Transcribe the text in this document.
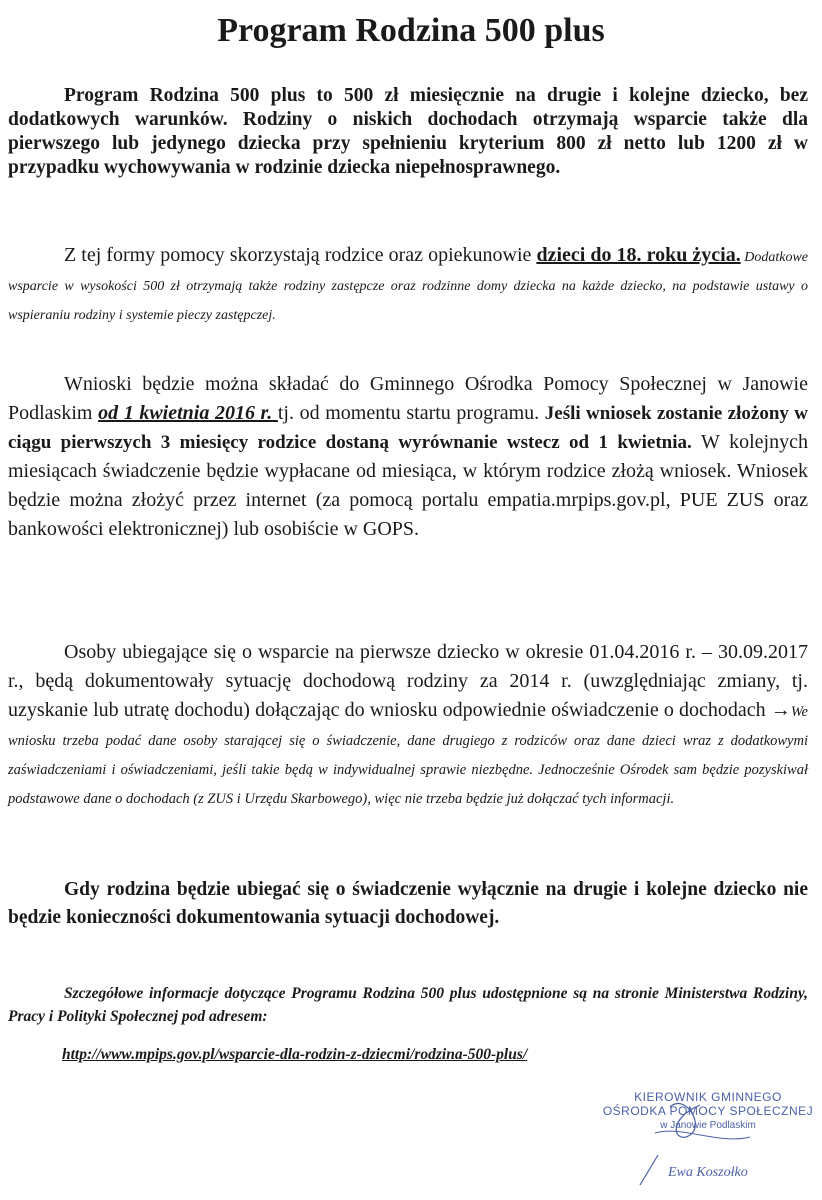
Program Rodzina 500 plus
Program Rodzina 500 plus to 500 zł miesięcznie na drugie i kolejne dziecko, bez dodatkowych warunków. Rodziny o niskich dochodach otrzymają wsparcie także dla pierwszego lub jedynego dziecka przy spełnieniu kryterium 800 zł netto lub 1200 zł w przypadku wychowywania w rodzinie dziecka niepełnosprawnego.
Z tej formy pomocy skorzystają rodzice oraz opiekunowie dzieci do 18. roku życia. Dodatkowe wsparcie w wysokości 500 zł otrzymają także rodziny zastępcze oraz rodzinne domy dziecka na każde dziecko, na podstawie ustawy o wspieraniu rodziny i systemie pieczy zastępczej.
Wnioski będzie można składać do Gminnego Ośrodka Pomocy Społecznej w Janowie Podlaskim od 1 kwietnia 2016 r. tj. od momentu startu programu. Jeśli wniosek zostanie złożony w ciągu pierwszych 3 miesięcy rodzice dostaną wyrównanie wstecz od 1 kwietnia. W kolejnych miesiącach świadczenie będzie wypłacane od miesiąca, w którym rodzice złożą wniosek. Wniosek będzie można złożyć przez internet (za pomocą portalu empatia.mrpips.gov.pl, PUE ZUS oraz bankowości elektronicznej) lub osobiście w GOPS.
Osoby ubiegające się o wsparcie na pierwsze dziecko w okresie 01.04.2016 r. – 30.09.2017 r., będą dokumentowały sytuację dochodową rodziny za 2014 r. (uwzględniając zmiany, tj. uzyskanie lub utratę dochodu) dołączając do wniosku odpowiednie oświadczenie o dochodach →We wniosku trzeba podać dane osoby starającej się o świadczenie, dane drugiego z rodziców oraz dane dzieci wraz z dodatkowymi zaświadczeniami i oświadczeniami, jeśli takie będą w indywidualnej sprawie niezbędne. Jednocześnie Ośrodek sam będzie pozyskiwał podstawowe dane o dochodach (z ZUS i Urzędu Skarbowego), więc nie trzeba będzie już dołączać tych informacji.
Gdy rodzina będzie ubiegać się o świadczenie wyłącznie na drugie i kolejne dziecko nie będzie konieczności dokumentowania sytuacji dochodowej.
Szczegółowe informacje dotyczące Programu Rodzina 500 plus udostępnione są na stronie Ministerstwa Rodziny, Pracy i Polityki Społecznej pod adresem:
http://www.mpips.gov.pl/wsparcie-dla-rodzin-z-dziecmi/rodzina-500-plus/
KIEROWNIK GMINNEGO
OŚRODKA POMOCY SPOŁECZNEJ
w Janowie Podlaskim
Ewa Koszołko
